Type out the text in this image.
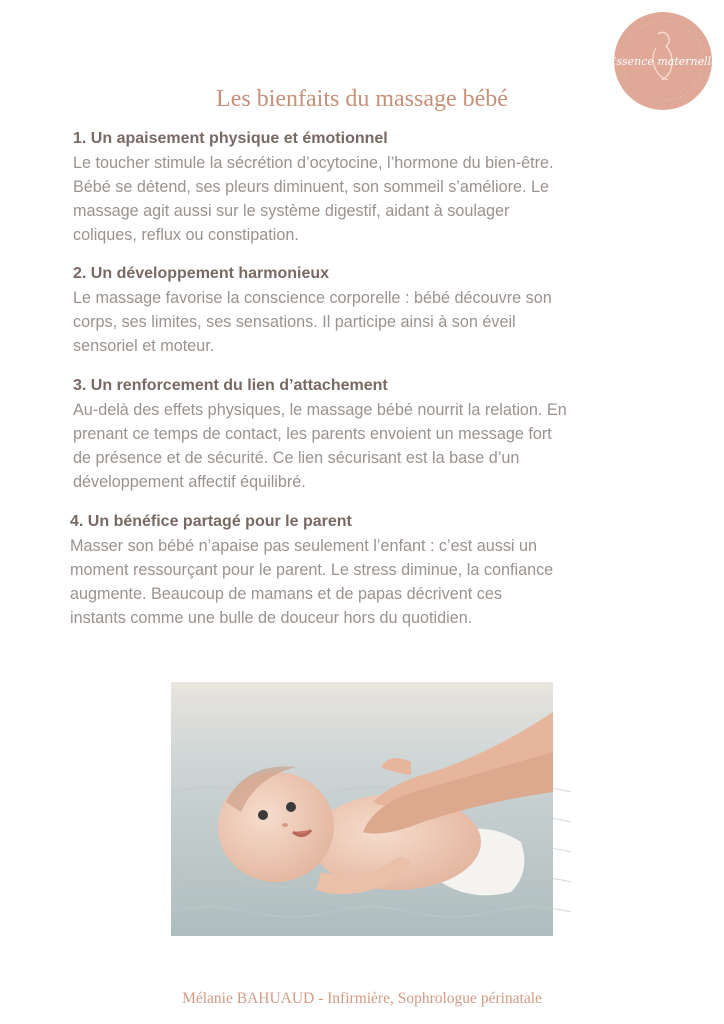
Essence maternelle
Les bienfaits du massage bébé
1. Un apaisement physique et émotionnel

Le toucher stimule la sécrétion d’ocytocine, l’hormone du bien-être.

Bébé se détend, ses pleurs diminuent, son sommeil s’améliore. Le

massage agit aussi sur le système digestif, aidant à soulager

coliques, reflux ou constipation.

2. Un développement harmonieux

Le massage favorise la conscience corporelle : bébé découvre son

corps, ses limites, ses sensations. Il participe ainsi à son éveil

sensoriel et moteur.

3. Un renforcement du lien d’attachement

Au-delà des effets physiques, le massage bébé nourrit la relation. En

prenant ce temps de contact, les parents envoient un message fort

de présence et de sécurité. Ce lien sécurisant est la base d’un

développement affectif équilibré.

4. Un bénéfice partagé pour le parent

Masser son bébé n’apaise pas seulement l’enfant : c’est aussi un

moment ressourçant pour le parent. Le stress diminue, la confiance

augmente. Beaucoup de mamans et de papas décrivent ces

instants comme une bulle de douceur hors du quotidien.

Mélanie BAHUAUD - Infirmière, Sophrologue périnatale
